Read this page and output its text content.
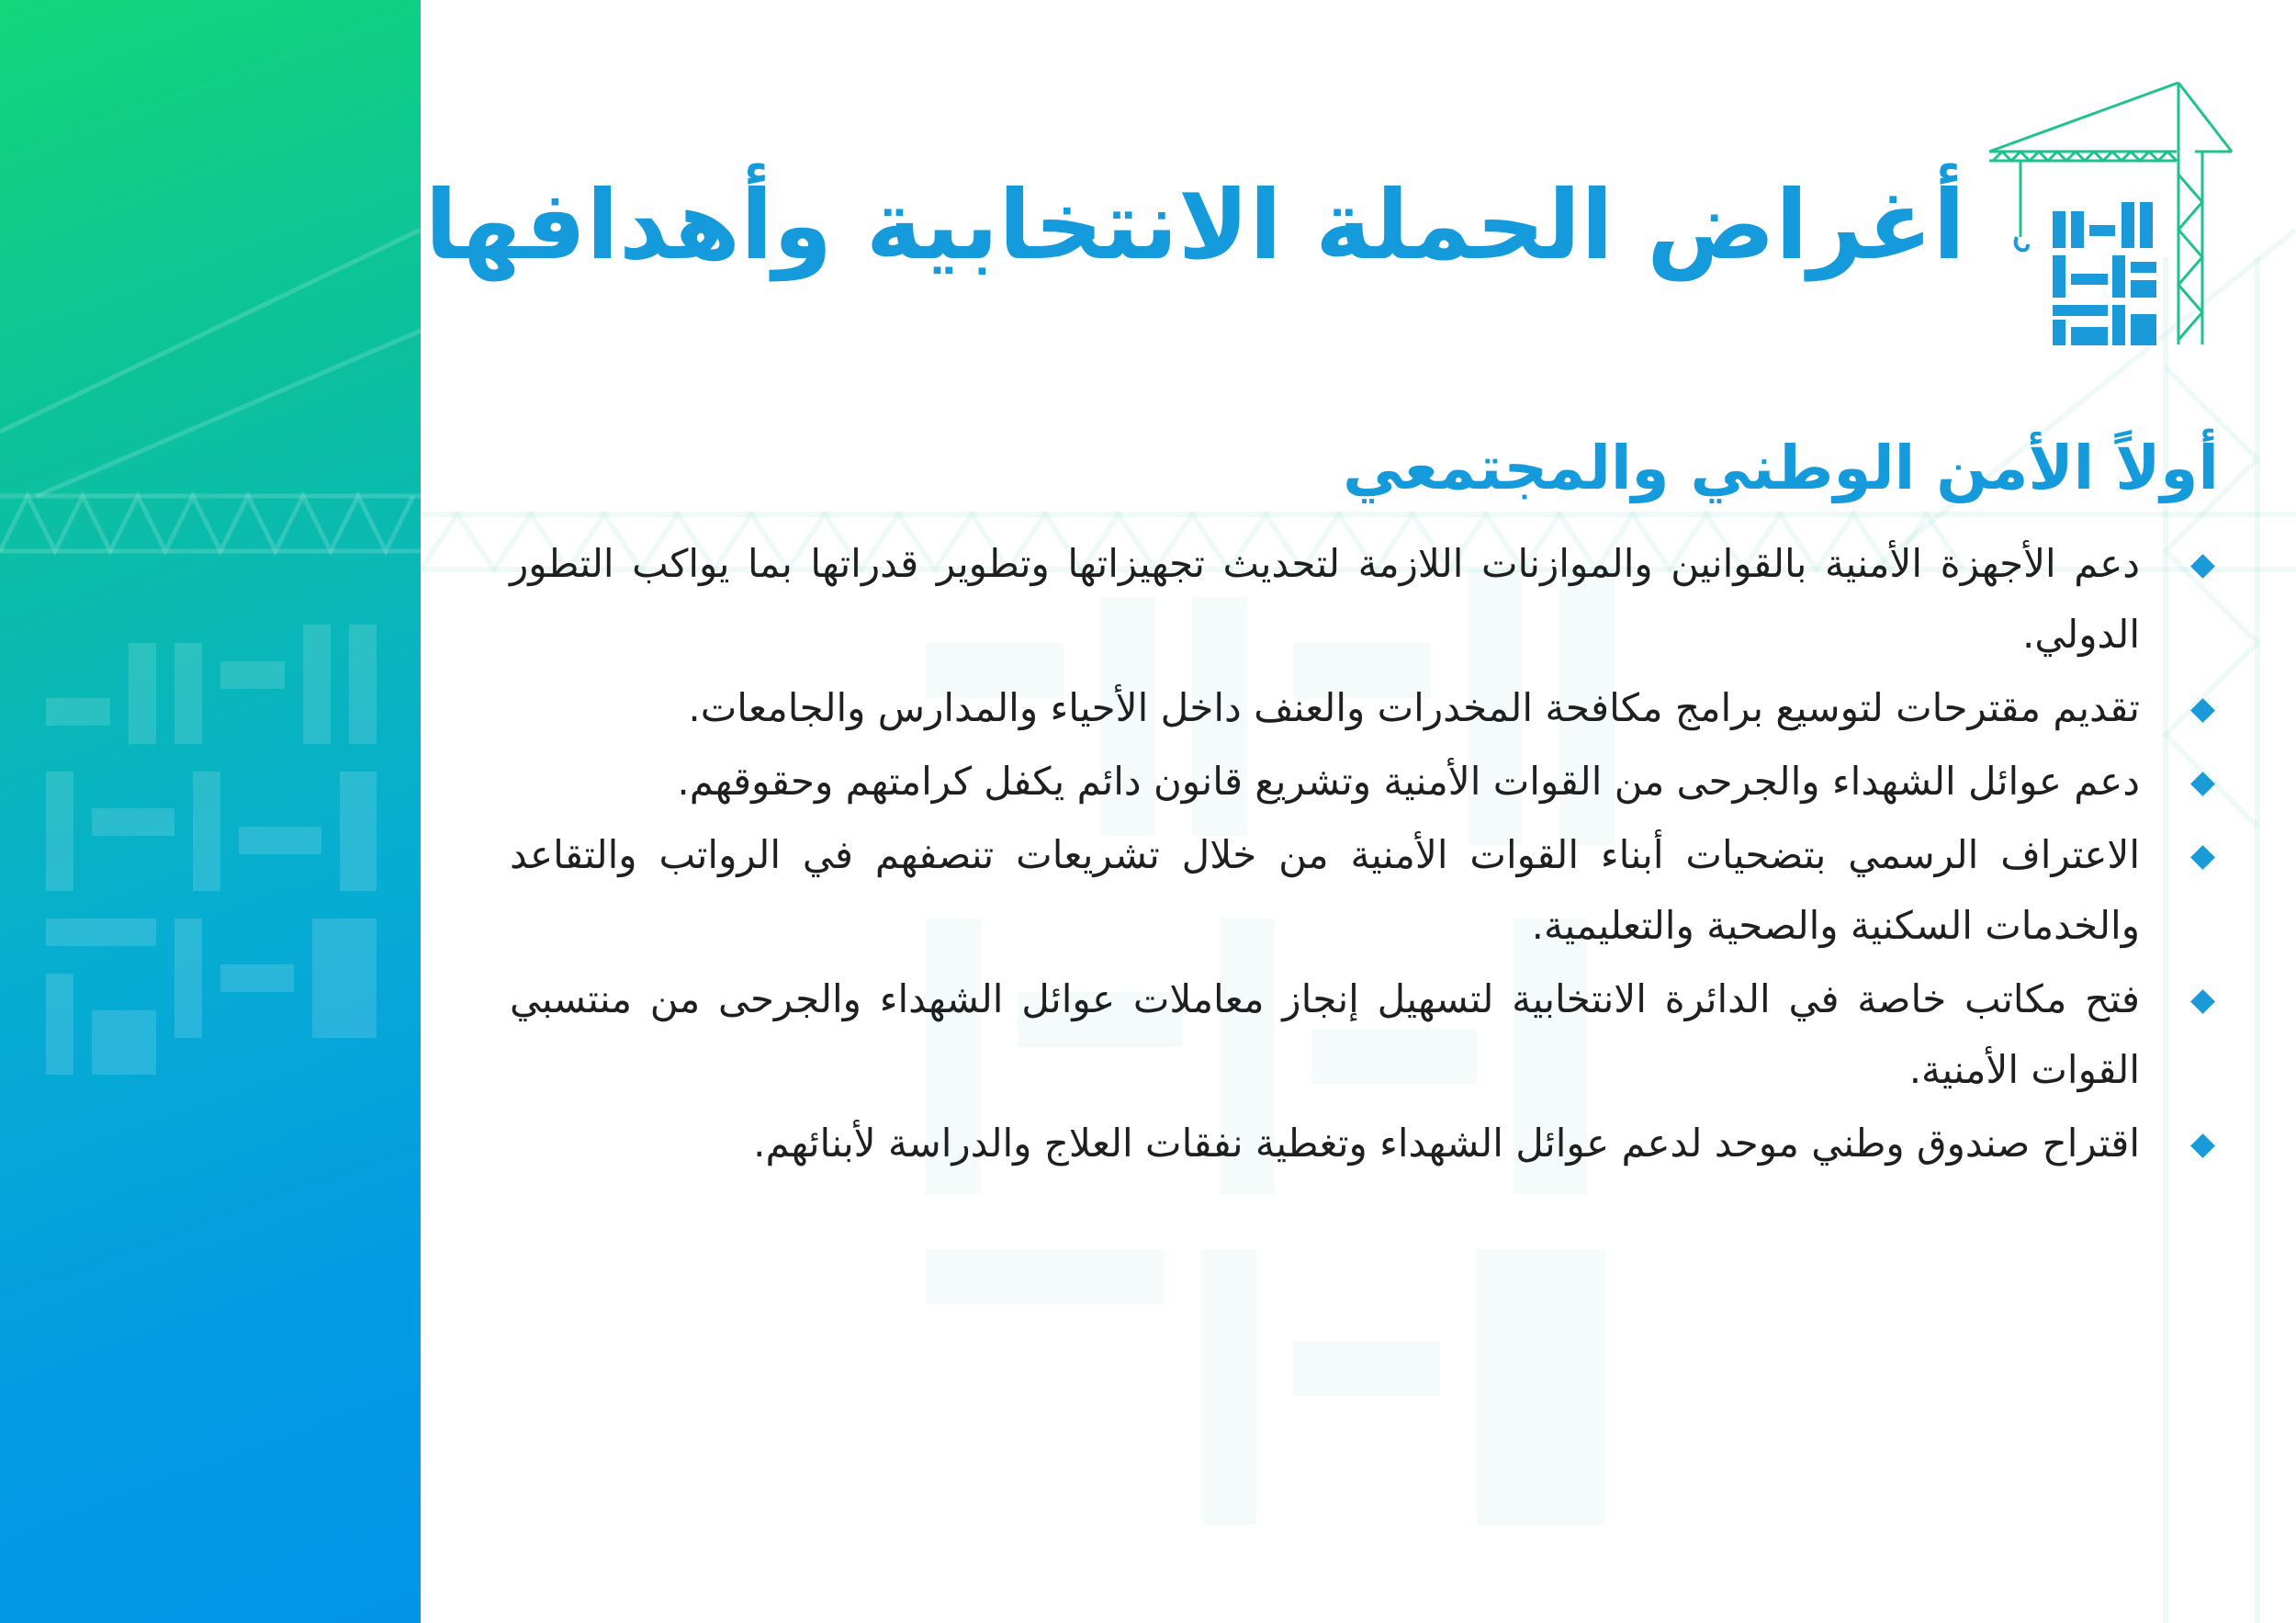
أغراض الحملة الانتخابية وأهدافها
أولاً الأمن الوطني والمجتمعي
دعم الأجهزة الأمنية بالقوانين والموازنات اللازمة لتحديث تجهيزاتها وتطوير قدراتها بما يواكب التطور الدولي.
تقديم مقترحات لتوسيع برامج مكافحة المخدرات والعنف داخل الأحياء والمدارس والجامعات.
دعم عوائل الشهداء والجرحى من القوات الأمنية وتشريع قانون دائم يكفل كرامتهم وحقوقهم.
الاعتراف الرسمي بتضحيات أبناء القوات الأمنية من خلال تشريعات تنصفهم في الرواتب والتقاعد والخدمات السكنية والصحية والتعليمية.
فتح مكاتب خاصة في الدائرة الانتخابية لتسهيل إنجاز معاملات عوائل الشهداء والجرحى من منتسبي القوات الأمنية.
اقتراح صندوق وطني موحد لدعم عوائل الشهداء وتغطية نفقات العلاج والدراسة لأبنائهم.
